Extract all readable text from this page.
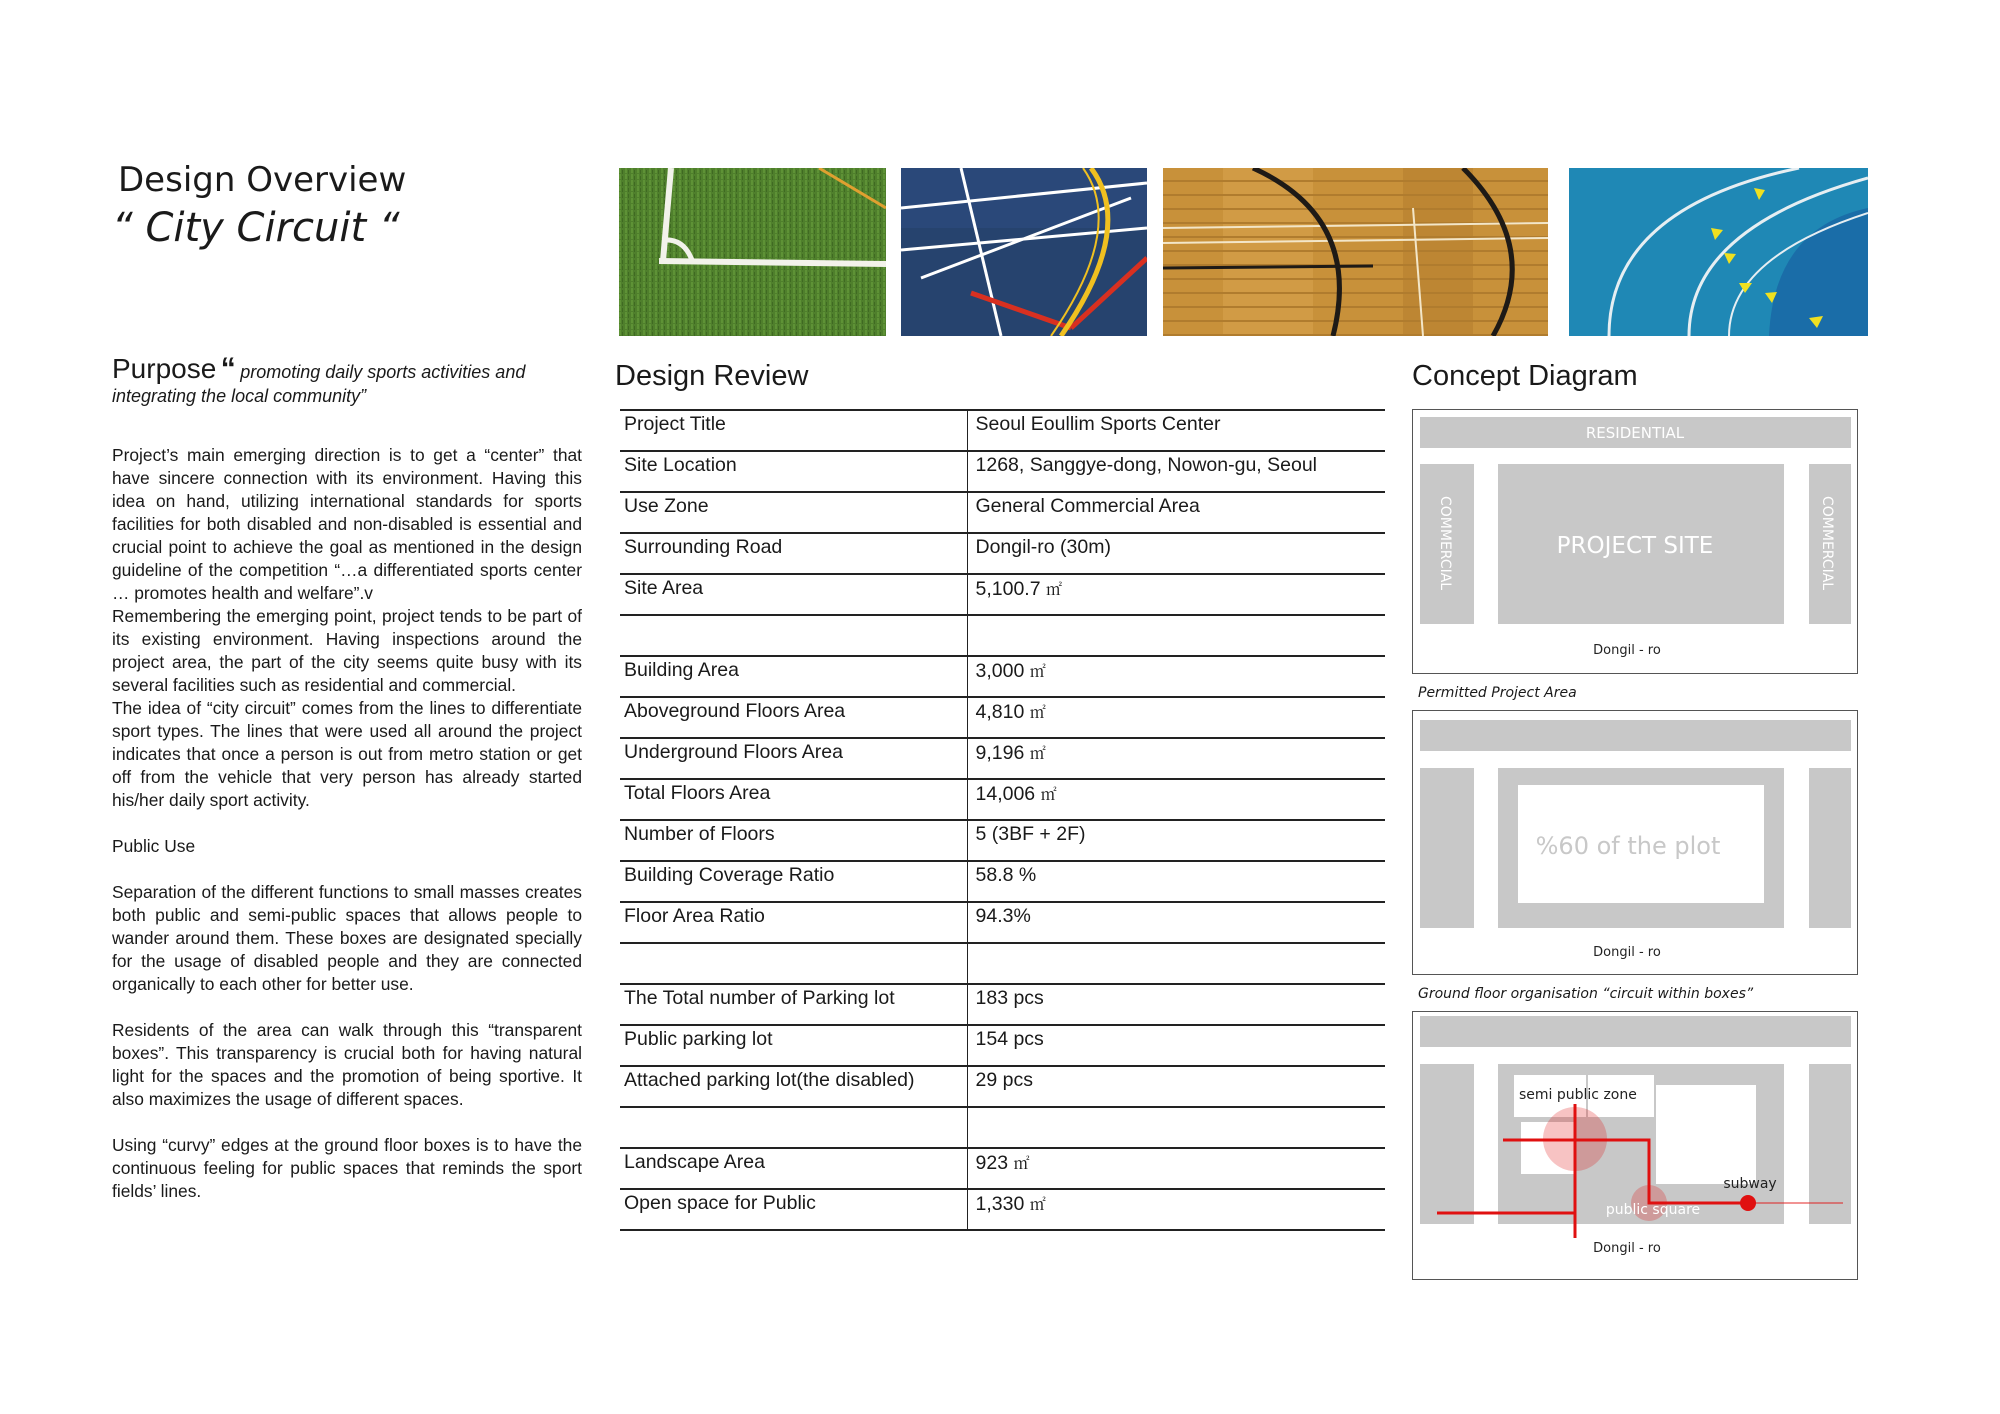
Design Overview
“ City Circuit “
Purpose “ promoting daily sports activities and integrating the local community”

Project’s main emerging direction is to get a “center” that have sincere connection with its environment. Having this idea on hand, utilizing international standards for sports facilities for both disabled and non-disabled is essential and crucial point to achieve the goal as mentioned in the design guideline of the competition “…a differentiated sports center … promotes health and welfare”.v

Remembering the emerging point, project tends to be part of its existing environment. Having inspections around the project area, the part of the city seems quite busy with its several facilities such as residential and commercial.

The idea of “city circuit” comes from the lines to differentiate sport types. The lines that were used all around the project indicates that once a person is out from metro station or get off from the vehicle that very person has already started his/her daily sport activity.

Public Use

Separation of the different functions to small masses creates both public and semi-public spaces that allows people to wander around them. These boxes are designated specially for the usage of disabled people and they are connected organically to each other for better use.

Residents of the area can walk through this “transparent boxes”. This transparency is crucial both for having natural light for the spaces and the promotion of being sportive. It also maximizes the usage of different spaces.

Using “curvy” edges at the ground floor boxes is to have the continuous feeling for public spaces that reminds the sport fields’ lines.

Design Review
Project Title	Seoul Eoullim Sports Center
Site Location	1268, Sanggye-dong, Nowon-gu, Seoul
Use Zone	General Commercial Area
Surrounding Road	Dongil-ro (30m)
Site Area	5,100.7 ㎡

Building Area	3,000 ㎡
Aboveground Floors Area	4,810 ㎡
Underground Floors Area	9,196 ㎡
Total Floors Area	14,006 ㎡
Number of Floors	5 (3BF + 2F)
Building Coverage Ratio	58.8 %
Floor Area Ratio	94.3%

The Total number of Parking lot	183 pcs
Public parking lot	154 pcs
Attached parking lot(the disabled)	29 pcs

Landscape Area	923 ㎡
Open space for Public	1,330 ㎡
Concept Diagram
RESIDENTIAL
COMMERCIAL	PROJECT SITE	COMMERCIAL
Dongil - ro
Permitted Project Area
%60 of the plot
Dongil - ro
Ground floor organisation “circuit within boxes”
semi public zone
subway
public square
Dongil - ro
